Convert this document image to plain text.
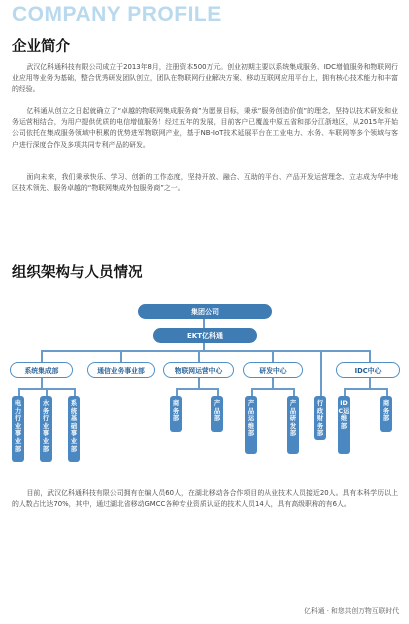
COMPANY PROFILE
企业简介
武汉亿科通科技有限公司成立于2013年8月，注册资本500万元。创业初期主要以系统集成服务、IDC增值服务和物联网行业应用等业务为基础，整合优秀研发团队创立，团队在物联网行业解决方案、移动互联网应用平台上，拥有核心技术能力和丰富的经验。
亿科通从创立之日起就确立了“卓越的物联网集成服务商”为愿景目标，秉承“服务创造价值”的理念，坚持以技术研发和业务运营相结合，为用户提供优质的电信增值服务！经过五年的发展，目前客户已覆盖中原五省和部分江浙地区，从2015年开始公司依托在集成服务领域中积累的优势进军物联网产业，基于NB-IoT技术延展平台在工业电力、水务、车联网等多个领域与客户进行深度合作及多项共同专利产品的研发。
面向未来，我们秉承快乐、学习、创新的工作态度，坚持开放、融合、互助的平台、产品开发运营理念、立志成为华中地区技术领先、服务卓越的“物联网集成外包服务商”之一。
组织架构与人员情况
集团公司
EKT亿科通
系统集成部	通信业务事业部	物联网运营中心	研发中心	IDC中心
电力行业事业部
水务行业事业部
系统基础事业部
商务部
产品部
产品运维部
产品研发部
行政财务部
IDC运维部
商务部
目前，武汉亿科通科技有限公司拥有在编人员60人，在湖北移动各合作项目的从业技术人员接近20人。具有本科学历以上的人数占比达70%，其中，通过湖北省移动GMCC各种专业资质认证的技术人员14人，具有高级职称的有6人。
亿科通 · 和您共创万物互联时代
